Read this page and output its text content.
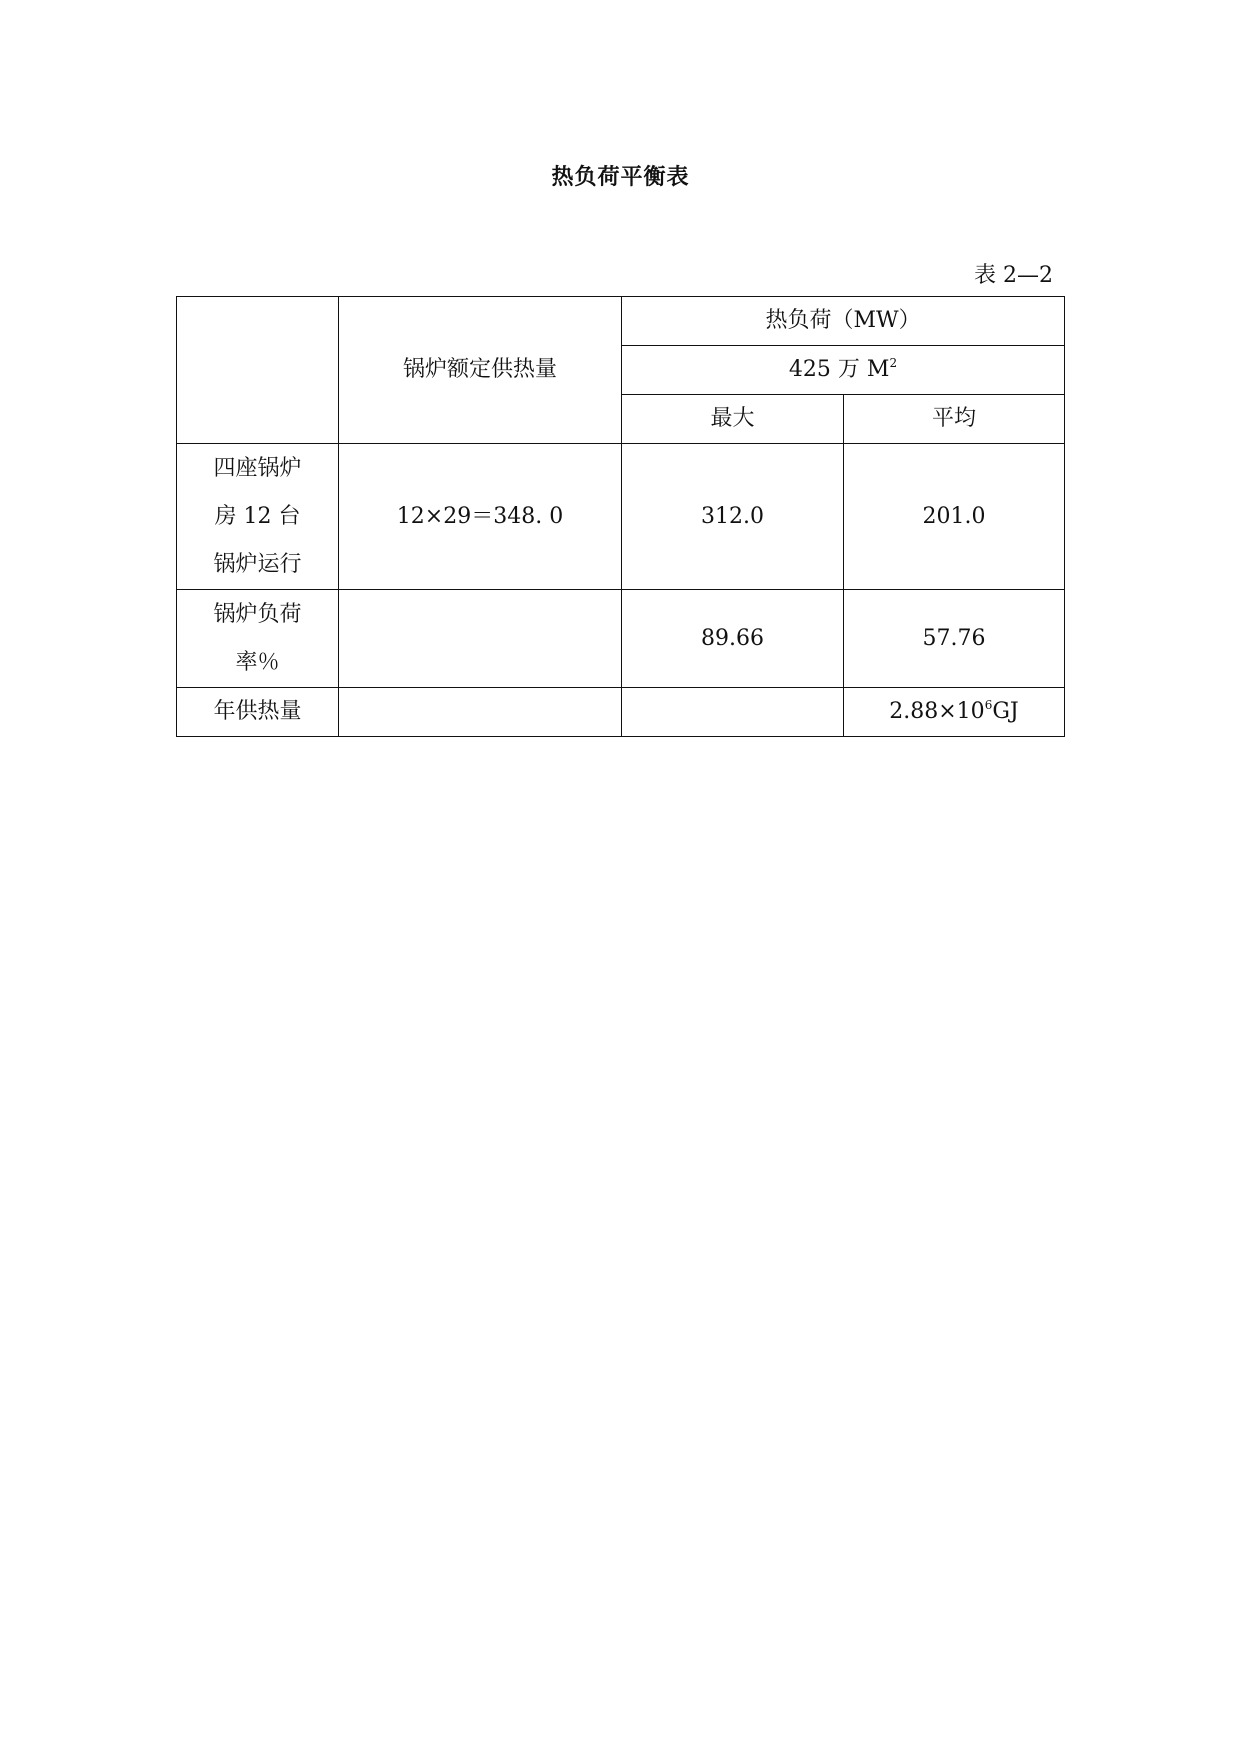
热负荷平衡表
表 2—2
	锅炉额定供热量	热负荷（MW）	
		425 万 $M^2$
		最大	平均
四座锅炉房 12 台锅炉运行	12×29＝348. 0	312.0	201.0
锅炉负荷率％		89.66	57.76
年供热量			$2.88\times 10^6GJ$
